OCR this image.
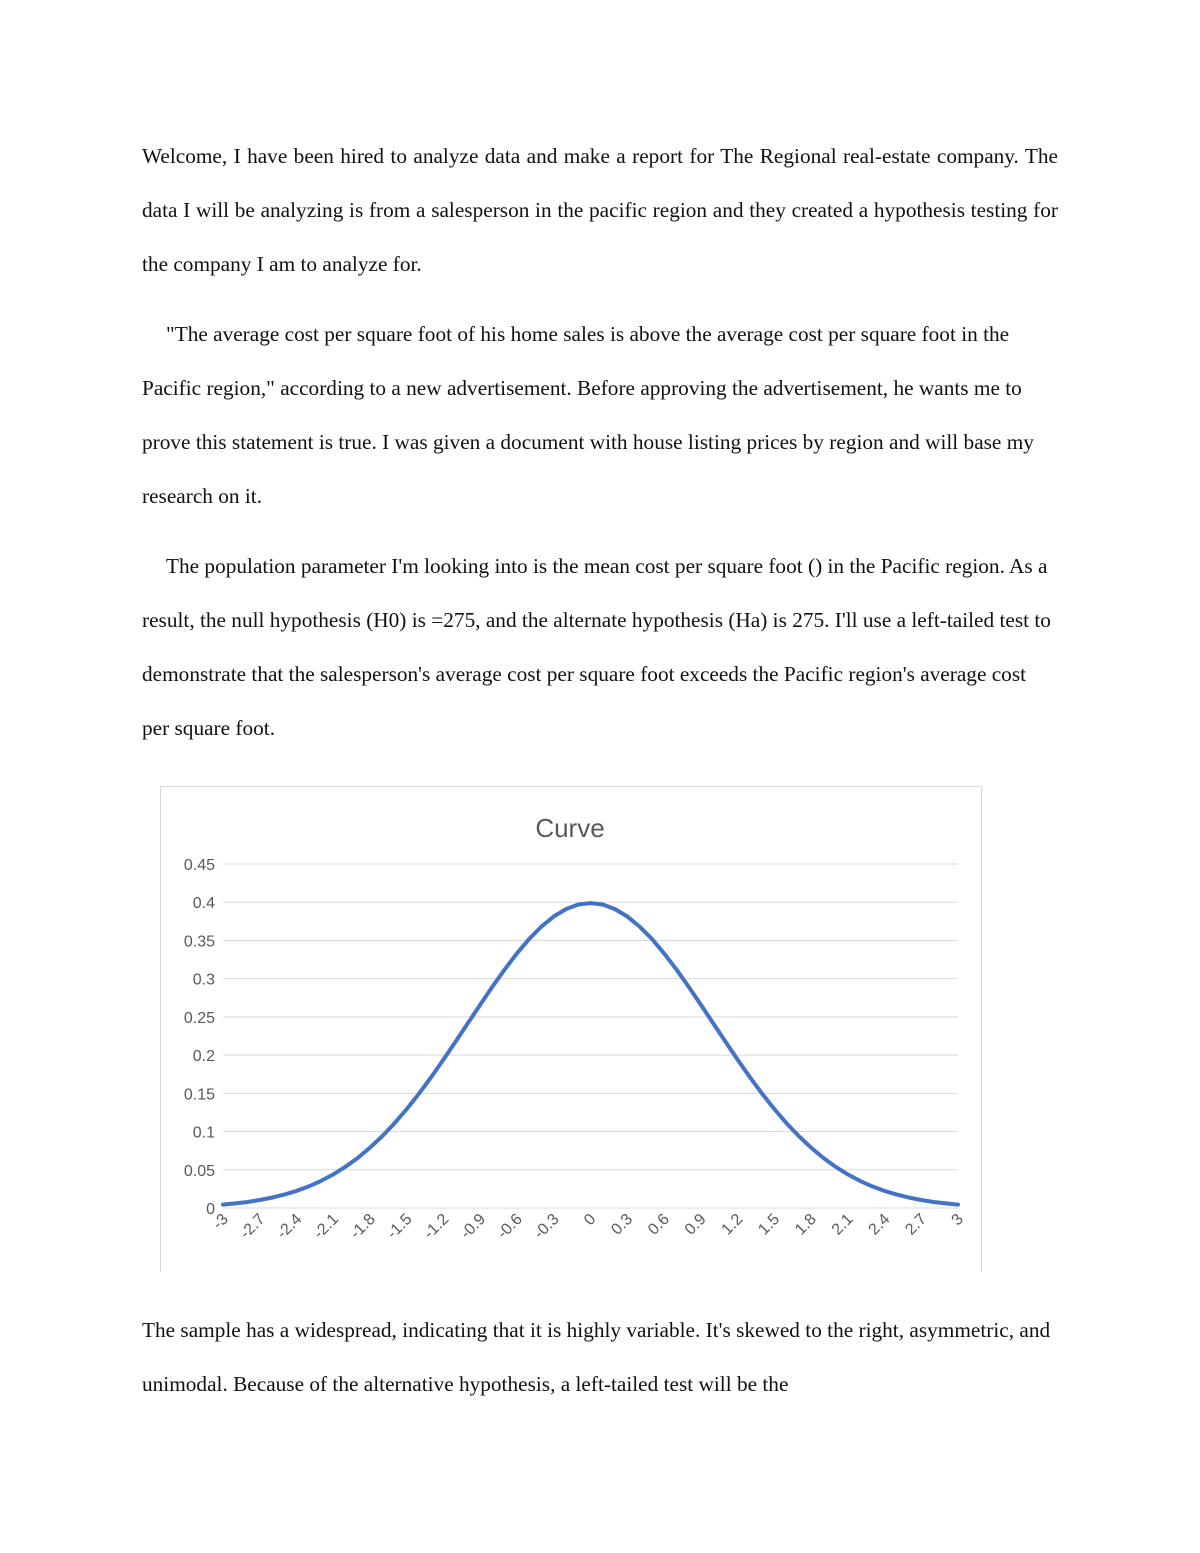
Welcome, I have been hired to analyze data and make a report for The Regional real-estate company. The data I will be analyzing is from a salesperson in the pacific region and they created a hypothesis testing for the company I am to analyze for.

"The average cost per square foot of his home sales is above the average cost per square foot in the Pacific region," according to a new advertisement. Before approving the advertisement, he wants me to prove this statement is true. I was given a document with house listing prices by region and will base my research on it.

The population parameter I'm looking into is the mean cost per square foot () in the Pacific region. As a result, the null hypothesis (H0) is =275, and the alternate hypothesis (Ha) is 275. I'll use a left-tailed test to demonstrate that the salesperson's average cost per square foot exceeds the Pacific region's average cost per square foot.

Curve
0
0.05
0.1
0.15
0.2
0.25
0.3
0.35
0.4
0.45
-3 -2.7 -2.4 -2.1 -1.8 -1.5 -1.2 -0.9 -0.6 -0.3 0 0.3 0.6 0.9 1.2 1.5 1.8 2.1 2.4 2.7 3

The sample has a widespread, indicating that it is highly variable. It's skewed to the right, asymmetric, and unimodal. Because of the alternative hypothesis, a left-tailed test will be the
